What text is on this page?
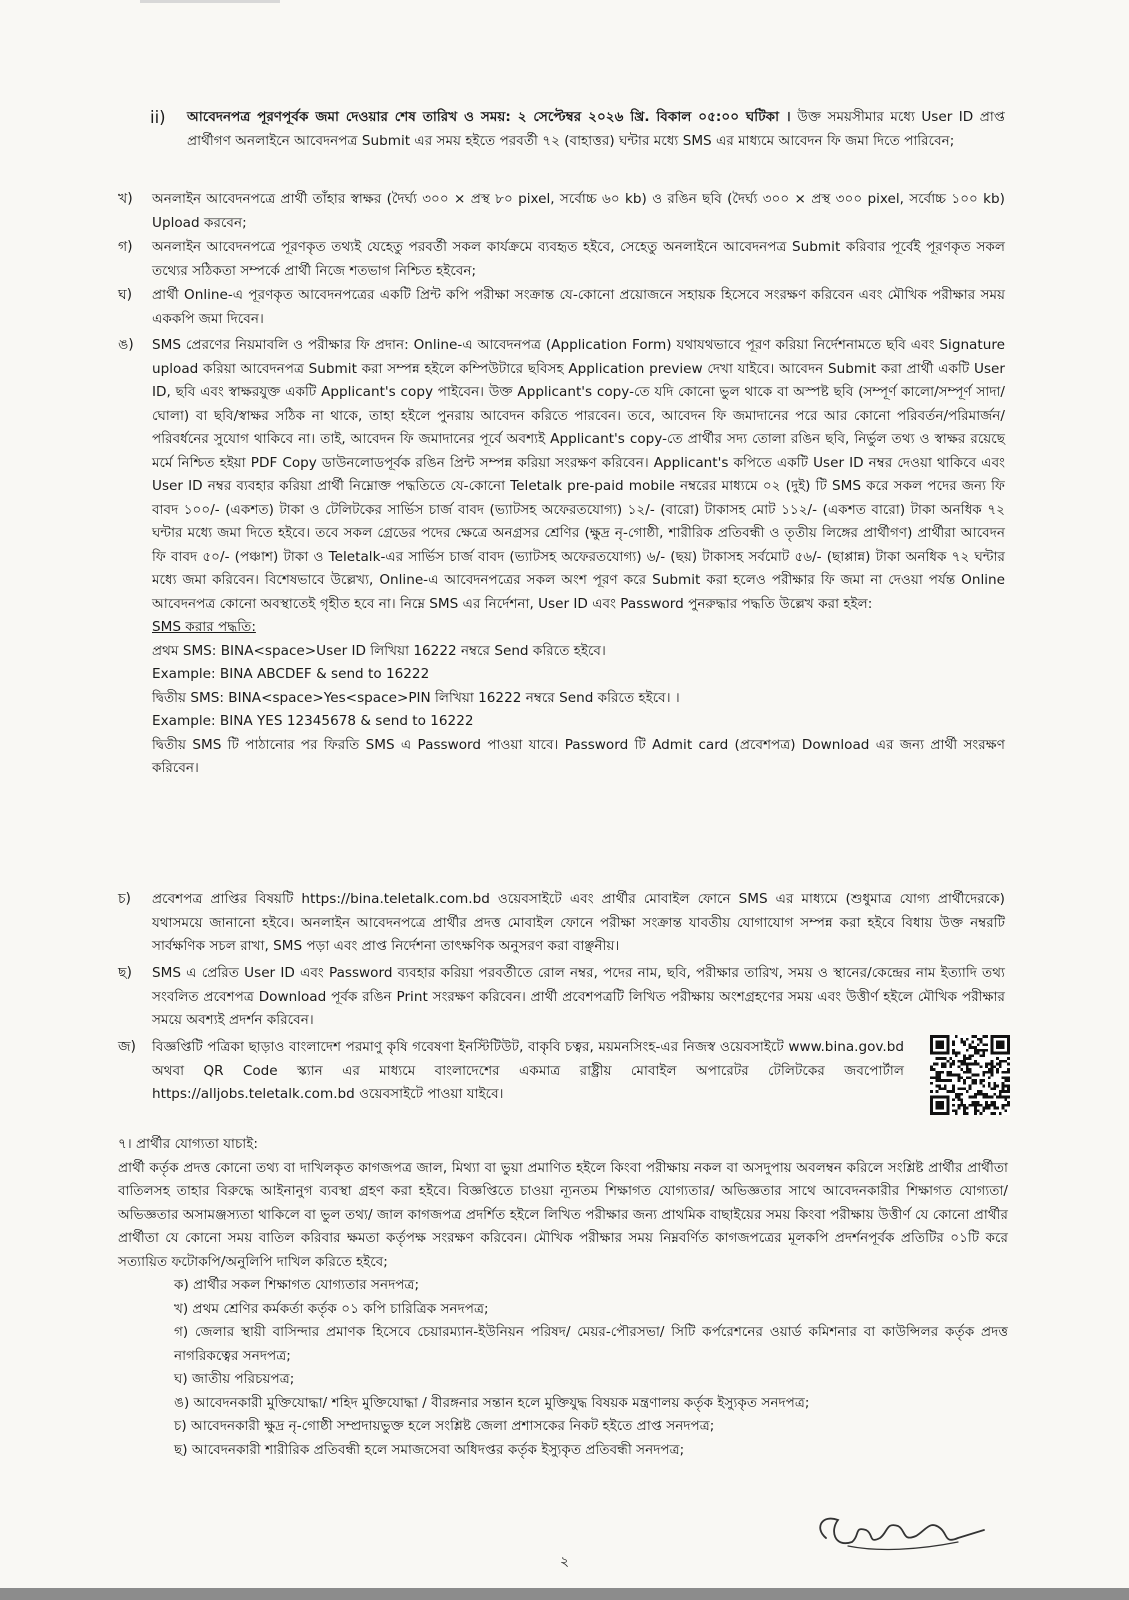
ii) আবেদনপত্র পূরণপূর্বক জমা দেওয়ার শেষ তারিখ ও সময়: ২ সেপ্টেম্বর ২০২৬ খ্রি. বিকাল ০৫:০০ ঘটিকা । উক্ত সময়সীমার মধ্যে User ID প্রাপ্ত প্রার্থীগণ অনলাইনে আবেদনপত্র Submit এর সময় হইতে পরবর্তী ৭২ (বাহাত্তর) ঘন্টার মধ্যে SMS এর মাধ্যমে আবেদন ফি জমা দিতে পারিবেন;
খ) অনলাইন আবেদনপত্রে প্রার্থী তাঁহার স্বাক্ষর (দৈর্ঘ্য ৩০০ × প্রস্থ ৮০ pixel, সর্বোচ্চ ৬০ kb) ও রঙিন ছবি (দৈর্ঘ্য ৩০০ × প্রস্থ ৩০০ pixel, সর্বোচ্চ ১০০ kb) Upload করবেন;
গ) অনলাইন আবেদনপত্রে পূরণকৃত তথ্যই যেহেতু পরবর্তী সকল কার্যক্রমে ব্যবহৃত হইবে, সেহেতু অনলাইনে আবেদনপত্র Submit করিবার পূর্বেই পূরণকৃত সকল তথ্যের সঠিকতা সম্পর্কে প্রার্থী নিজে শতভাগ নিশ্চিত হইবেন;
ঘ) প্রার্থী Online-এ পূরণকৃত আবেদনপত্রের একটি প্রিন্ট কপি পরীক্ষা সংক্রান্ত যে-কোনো প্রয়োজনে সহায়ক হিসেবে সংরক্ষণ করিবেন এবং মৌখিক পরীক্ষার সময় এককপি জমা দিবেন।
ঙ) SMS প্রেরণের নিয়মাবলি ও পরীক্ষার ফি প্রদান: Online-এ আবেদনপত্র (Application Form) যথাযথভাবে পূরণ করিয়া নির্দেশনামতে ছবি এবং Signature upload করিয়া আবেদনপত্র Submit করা সম্পন্ন হইলে কম্পিউটারে ছবিসহ Application preview দেখা যাইবে। আবেদন Submit করা প্রার্থী একটি User ID, ছবি এবং স্বাক্ষরযুক্ত একটি Applicant's copy পাইবেন। উক্ত Applicant's copy-তে যদি কোনো ভুল থাকে বা অস্পষ্ট ছবি (সম্পূর্ণ কালো/সম্পূর্ণ সাদা/ঘোলা) বা ছবি/স্বাক্ষর সঠিক না থাকে, তাহা হইলে পুনরায় আবেদন করিতে পারবেন। তবে, আবেদন ফি জমাদানের পরে আর কোনো পরিবর্তন/পরিমার্জন/পরিবর্ধনের সুযোগ থাকিবে না। তাই, আবেদন ফি জমাদানের পূর্বে অবশ্যই Applicant's copy-তে প্রার্থীর সদ্য তোলা রঙিন ছবি, নির্ভুল তথ্য ও স্বাক্ষর রয়েছে মর্মে নিশ্চিত হইয়া PDF Copy ডাউনলোডপূর্বক রঙিন প্রিন্ট সম্পন্ন করিয়া সংরক্ষণ করিবেন। Applicant's কপিতে একটি User ID নম্বর দেওয়া থাকিবে এবং User ID নম্বর ব্যবহার করিয়া প্রার্থী নিম্নোক্ত পদ্ধতিতে যে-কোনো Teletalk pre-paid mobile নম্বরের মাধ্যমে ০২ (দুই) টি SMS করে সকল পদের জন্য ফি বাবদ ১০০/- (একশত) টাকা ও টেলিটকের সার্ভিস চার্জ বাবদ (ভ্যাটসহ অফেরতযোগ্য) ১২/- (বারো) টাকাসহ মোট ১১২/- (একশত বারো) টাকা অনধিক ৭২ ঘন্টার মধ্যে জমা দিতে হইবে। তবে সকল গ্রেডের পদের ক্ষেত্রে অনগ্রসর শ্রেণির (ক্ষুদ্র নৃ-গোষ্ঠী, শারীরিক প্রতিবন্ধী ও তৃতীয় লিঙ্গের প্রার্থীগণ) প্রার্থীরা আবেদন ফি বাবদ ৫০/- (পঞ্চাশ) টাকা ও Teletalk-এর সার্ভিস চার্জ বাবদ (ভ্যাটসহ অফেরতযোগ্য) ৬/- (ছয়) টাকাসহ সর্বমোট ৫৬/- (ছাপ্পান্ন) টাকা অনধিক ৭২ ঘন্টার মধ্যে জমা করিবেন। বিশেষভাবে উল্লেখ্য, Online-এ আবেদনপত্রের সকল অংশ পূরণ করে Submit করা হলেও পরীক্ষার ফি জমা না দেওয়া পর্যন্ত Online আবেদনপত্র কোনো অবস্থাতেই গৃহীত হবে না। নিম্নে SMS এর নির্দেশনা, User ID এবং Password পুনরুদ্ধার পদ্ধতি উল্লেখ করা হইল:

SMS করার পদ্ধতি:

প্রথম SMS: BINA<space>User ID লিখিয়া 16222 নম্বরে Send করিতে হইবে।

Example: BINA ABCDEF & send to 16222

দ্বিতীয় SMS: BINA<space>Yes<space>PIN লিখিয়া 16222 নম্বরে Send করিতে হইবে। ।

Example: BINA YES 12345678 & send to 16222

দ্বিতীয় SMS টি পাঠানোর পর ফিরতি SMS এ Password পাওয়া যাবে। Password টি Admit card (প্রবেশপত্র) Download এর জন্য প্রার্থী সংরক্ষণ করিবেন।

চ) প্রবেশপত্র প্রাপ্তির বিষয়টি https://bina.teletalk.com.bd ওয়েবসাইটে এবং প্রার্থীর মোবাইল ফোনে SMS এর মাধ্যমে (শুধুমাত্র যোগ্য প্রার্থীদেরকে) যথাসময়ে জানানো হইবে। অনলাইন আবেদনপত্রে প্রার্থীর প্রদত্ত মোবাইল ফোনে পরীক্ষা সংক্রান্ত যাবতীয় যোগাযোগ সম্পন্ন করা হইবে বিধায় উক্ত নম্বরটি সার্বক্ষণিক সচল রাখা, SMS পড়া এবং প্রাপ্ত নির্দেশনা তাৎক্ষণিক অনুসরণ করা বাঞ্ছনীয়।
ছ) SMS এ প্রেরিত User ID এবং Password ব্যবহার করিয়া পরবর্তীতে রোল নম্বর, পদের নাম, ছবি, পরীক্ষার তারিখ, সময় ও স্থানের/কেন্দ্রের নাম ইত্যাদি তথ্য সংবলিত প্রবেশপত্র Download পূর্বক রঙিন Print সংরক্ষণ করিবেন। প্রার্থী প্রবেশপত্রটি লিখিত পরীক্ষায় অংশগ্রহণের সময় এবং উত্তীর্ণ হইলে মৌখিক পরীক্ষার সময়ে অবশ্যই প্রদর্শন করিবেন।
জ) বিজ্ঞপ্তিটি পত্রিকা ছাড়াও বাংলাদেশ পরমাণু কৃষি গবেষণা ইনস্টিটিউট, বাকৃবি চত্বর, ময়মনসিংহ-এর নিজস্ব ওয়েবসাইটে www.bina.gov.bd অথবা QR Code স্ক্যান এর মাধ্যমে বাংলাদেশের একমাত্র রাষ্ট্রীয় মোবাইল অপারেটর টেলিটকের জবপোর্টাল https://alljobs.teletalk.com.bd ওয়েবসাইটে পাওয়া যাইবে।

৭। প্রার্থীর যোগ্যতা যাচাই:

প্রার্থী কর্তৃক প্রদত্ত কোনো তথ্য বা দাখিলকৃত কাগজপত্র জাল, মিথ্যা বা ভুয়া প্রমাণিত হইলে কিংবা পরীক্ষায় নকল বা অসদুপায় অবলম্বন করিলে সংশ্লিষ্ট প্রার্থীর প্রার্থীতা বাতিলসহ তাহার বিরুদ্ধে আইনানুগ ব্যবস্থা গ্রহণ করা হইবে। বিজ্ঞপ্তিতে চাওয়া ন্যূনতম শিক্ষাগত যোগ্যতার/ অভিজ্ঞতার সাথে আবেদনকারীর শিক্ষাগত যোগ্যতা/ অভিজ্ঞতার অসামঞ্জস্যতা থাকিলে বা ভুল তথ্য/ জাল কাগজপত্র প্রদর্শিত হইলে লিখিত পরীক্ষার জন্য প্রাথমিক বাছাইয়ের সময় কিংবা পরীক্ষায় উত্তীর্ণ যে কোনো প্রার্থীর প্রার্থীতা যে কোনো সময় বাতিল করিবার ক্ষমতা কর্তৃপক্ষ সংরক্ষণ করিবেন। মৌখিক পরীক্ষার সময় নিম্নবর্ণিত কাগজপত্রের মূলকপি প্রদর্শনপূর্বক প্রতিটির ০১টি করে সত্যায়িত ফটোকপি/অনুলিপি দাখিল করিতে হইবে;

ক) প্রার্থীর সকল শিক্ষাগত যোগ্যতার সনদপত্র;

খ) প্রথম শ্রেণির কর্মকর্তা কর্তৃক ০১ কপি চারিত্রিক সনদপত্র;

গ) জেলার স্থায়ী বাসিন্দার প্রমাণক হিসেবে চেয়ারম্যান-ইউনিয়ন পরিষদ/ মেয়র-পৌরসভা/ সিটি কর্পরেশনের ওয়ার্ড কমিশনার বা কাউন্সিলর কর্তৃক প্রদত্ত নাগরিকত্বের সনদপত্র;

ঘ) জাতীয় পরিচয়পত্র;

ঙ) আবেদনকারী মুক্তিযোদ্ধা/ শহিদ মুক্তিযোদ্ধা / বীরঙ্গনার সন্তান হলে মুক্তিযুদ্ধ বিষয়ক মন্ত্রণালয় কর্তৃক ইস্যুকৃত সনদপত্র;

চ) আবেদনকারী ক্ষুদ্র নৃ-গোষ্ঠী সম্প্রদায়ভুক্ত হলে সংশ্লিষ্ট জেলা প্রশাসকের নিকট হইতে প্রাপ্ত সনদপত্র;

ছ) আবেদনকারী শারীরিক প্রতিবন্ধী হলে সমাজসেবা অধিদপ্তর কর্তৃক ইস্যুকৃত প্রতিবন্ধী সনদপত্র;

২
